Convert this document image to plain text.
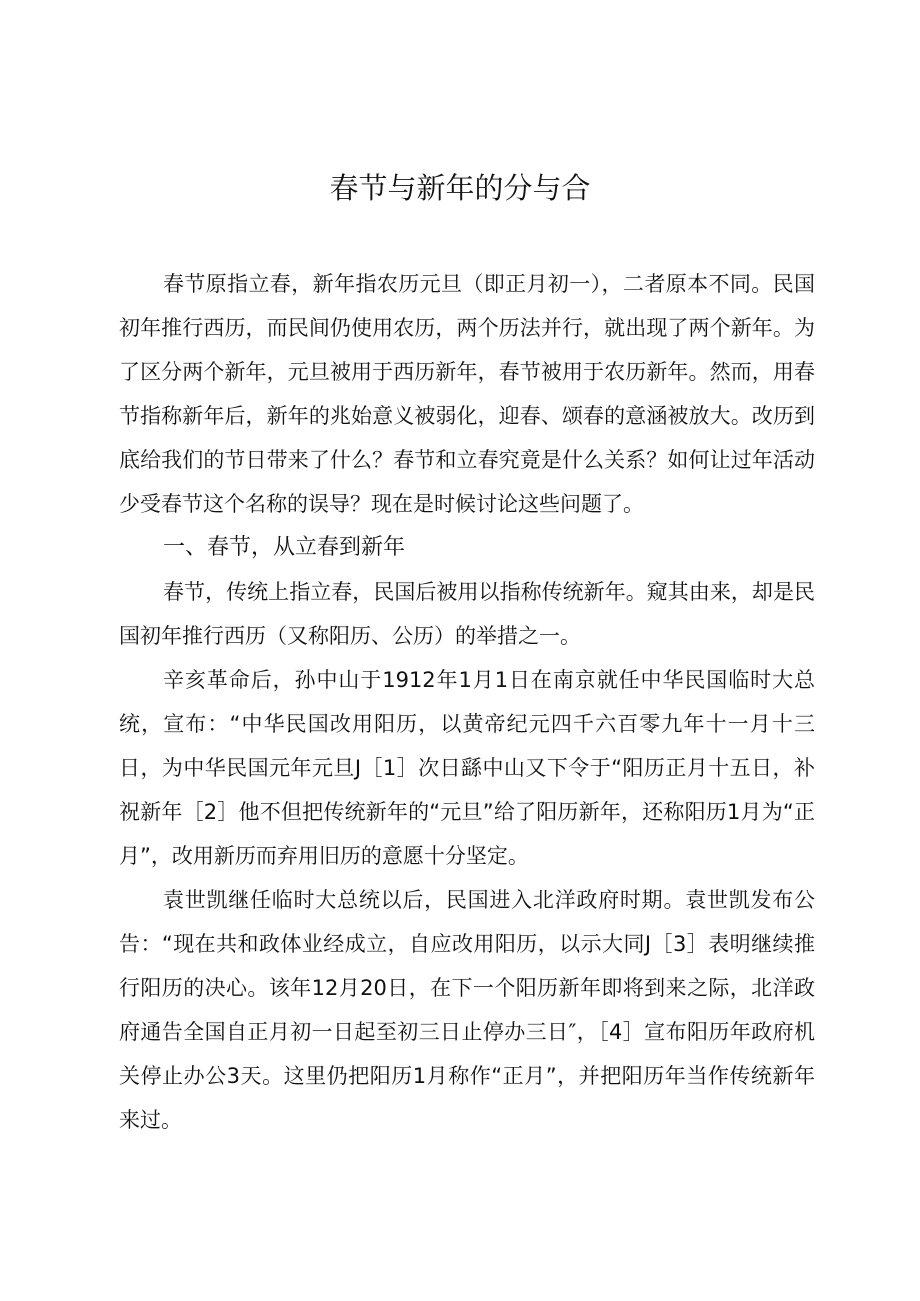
春节与新年的分与合

春节原指立春，新年指农历元旦（即正月初一），二者原本不同。民国初年推行西历，而民间仍使用农历，两个历法并行，就出现了两个新年。为了区分两个新年，元旦被用于西历新年，春节被用于农历新年。然而，用春节指称新年后，新年的兆始意义被弱化，迎春、颂春的意涵被放大。改历到底给我们的节日带来了什么？春节和立春究竟是什么关系？如何让过年活动少受春节这个名称的误导？现在是时候讨论这些问题了。

一、春节，从立春到新年

春节，传统上指立春，民国后被用以指称传统新年。窥其由来，却是民国初年推行西历（又称阳历、公历）的举措之一。

辛亥革命后，孙中山于1912年1月1日在南京就任中华民国临时大总统，宣布：“中华民国改用阳历，以黄帝纪元四千六百零九年十一月十三日，为中华民国元年元旦J［1］次日繇中山又下令于“阳历正月十五日，补祝新年［2］他不但把传统新年的“元旦”给了阳历新年，还称阳历1月为“正月”，改用新历而弃用旧历的意愿十分坚定。

袁世凯继任临时大总统以后，民国进入北洋政府时期。袁世凯发布公告：“现在共和政体业经成立，自应改用阳历，以示大同J［3］表明继续推行阳历的决心。该年12月20日，在下一个阳历新年即将到来之际，北洋政府通告全国自正月初一日起至初三日止停办三日″，［4］宣布阳历年政府机关停止办公3天。这里仍把阳历1月称作“正月”，并把阳历年当作传统新年来过。
